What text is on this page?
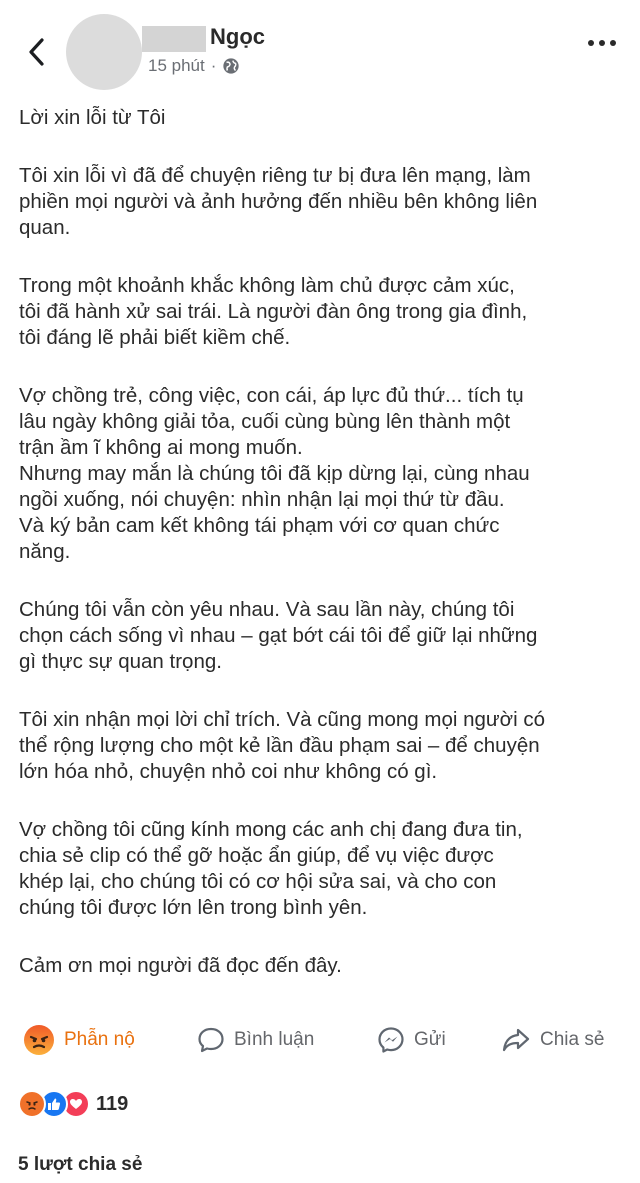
Ngọc
15 phút ·

Lời xin lỗi từ Tôi

Tôi xin lỗi vì đã để chuyện riêng tư bị đưa lên mạng, làm
phiền mọi người và ảnh hưởng đến nhiều bên không liên
quan.

Trong một khoảnh khắc không làm chủ được cảm xúc,
tôi đã hành xử sai trái. Là người đàn ông trong gia đình,
tôi đáng lẽ phải biết kiềm chế.

Vợ chồng trẻ, công việc, con cái, áp lực đủ thứ... tích tụ
lâu ngày không giải tỏa, cuối cùng bùng lên thành một
trận ầm ĩ không ai mong muốn.
Nhưng may mắn là chúng tôi đã kịp dừng lại, cùng nhau
ngồi xuống, nói chuyện: nhìn nhận lại mọi thứ từ đầu.
Và ký bản cam kết không tái phạm với cơ quan chức
năng.

Chúng tôi vẫn còn yêu nhau. Và sau lần này, chúng tôi
chọn cách sống vì nhau – gạt bớt cái tôi để giữ lại những
gì thực sự quan trọng.

Tôi xin nhận mọi lời chỉ trích. Và cũng mong mọi người có
thể rộng lượng cho một kẻ lần đầu phạm sai – để chuyện
lớn hóa nhỏ, chuyện nhỏ coi như không có gì.

Vợ chồng tôi cũng kính mong các anh chị đang đưa tin,
chia sẻ clip có thể gỡ hoặc ẩn giúp, để vụ việc được
khép lại, cho chúng tôi có cơ hội sửa sai, và cho con
chúng tôi được lớn lên trong bình yên.

Cảm ơn mọi người đã đọc đến đây.

Phẫn nộ	Bình luận	Gửi	Chia sẻ
119
5 lượt chia sẻ
